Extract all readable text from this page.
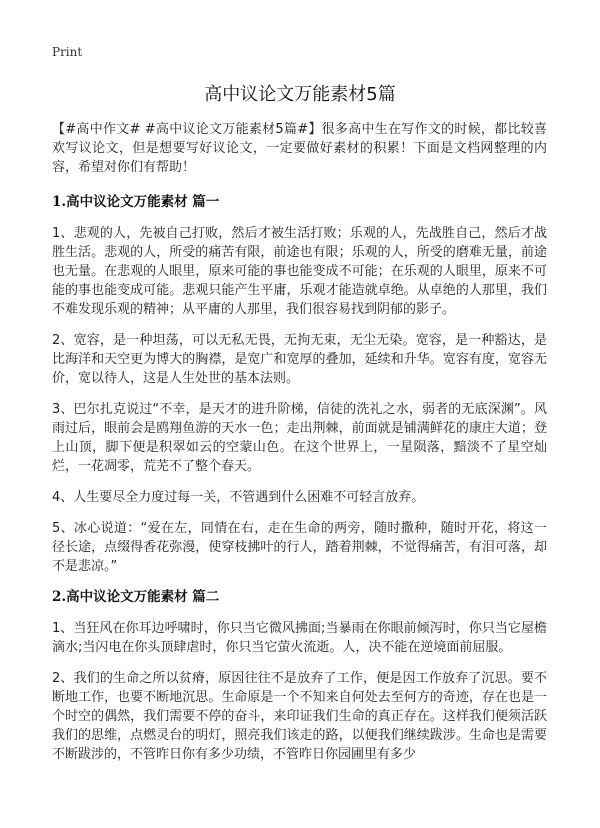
Print
高中议论文万能素材5篇

【#高中作文# #高中议论文万能素材5篇#】很多高中生在写作文的时候，都比较喜欢写议论文，但是想要写好议论文，一定要做好素材的积累！下面是文档网整理的内容，希望对你们有帮助！

1.高中议论文万能素材 篇一

1、悲观的人，先被自己打败，然后才被生活打败；乐观的人，先战胜自己，然后才战胜生活。悲观的人，所受的痛苦有限，前途也有限；乐观的人，所受的磨难无量，前途也无量。在悲观的人眼里，原来可能的事也能变成不可能；在乐观的人眼里，原来不可能的事也能变成可能。悲观只能产生平庸，乐观才能造就卓绝。从卓绝的人那里，我们不难发现乐观的精神；从平庸的人那里，我们很容易找到阴郁的影子。

2、宽容，是一种坦荡，可以无私无畏，无拘无束，无尘无染。宽容，是一种豁达，是比海洋和天空更为博大的胸襟，是宽广和宽厚的叠加，延续和升华。宽容有度，宽容无价，宽以待人，这是人生处世的基本法则。

3、巴尔扎克说过“不幸，是天才的进升阶梯，信徒的洗礼之水，弱者的无底深渊”。风雨过后，眼前会是鸥翔鱼游的天水一色；走出荆棘，前面就是铺满鲜花的康庄大道；登上山顶，脚下便是积翠如云的空蒙山色。在这个世界上，一星陨落，黯淡不了星空灿烂，一花凋零，荒芜不了整个春天。

4、人生要尽全力度过每一关，不管遇到什么困难不可轻言放弃。

5、冰心说道：“爱在左，同情在右，走在生命的两旁，随时撒种，随时开花，将这一径长途，点缀得香花弥漫，使穿枝拂叶的行人，踏着荆棘，不觉得痛苦，有泪可落，却不是悲凉。”

2.高中议论文万能素材 篇二

1、当狂风在你耳边呼啸时，你只当它微风拂面;当暴雨在你眼前倾泻时，你只当它屋檐滴水;当闪电在你头顶肆虐时，你只当它萤火流逝。人，决不能在逆境面前屈服。

2、我们的生命之所以贫瘠，原因往往不是放弃了工作，便是因工作放弃了沉思。要不断地工作，也要不断地沉思。生命原是一个不知来自何处去至何方的奇迹，存在也是一个时空的偶然，我们需要不停的奋斗，来印证我们生命的真正存在。这样我们便须活跃我们的思维，点燃灵台的明灯，照亮我们该走的路，以便我们继续跋涉。生命也是需要不断跋涉的，不管昨日你有多少功绩，不管昨日你园圃里有多少
